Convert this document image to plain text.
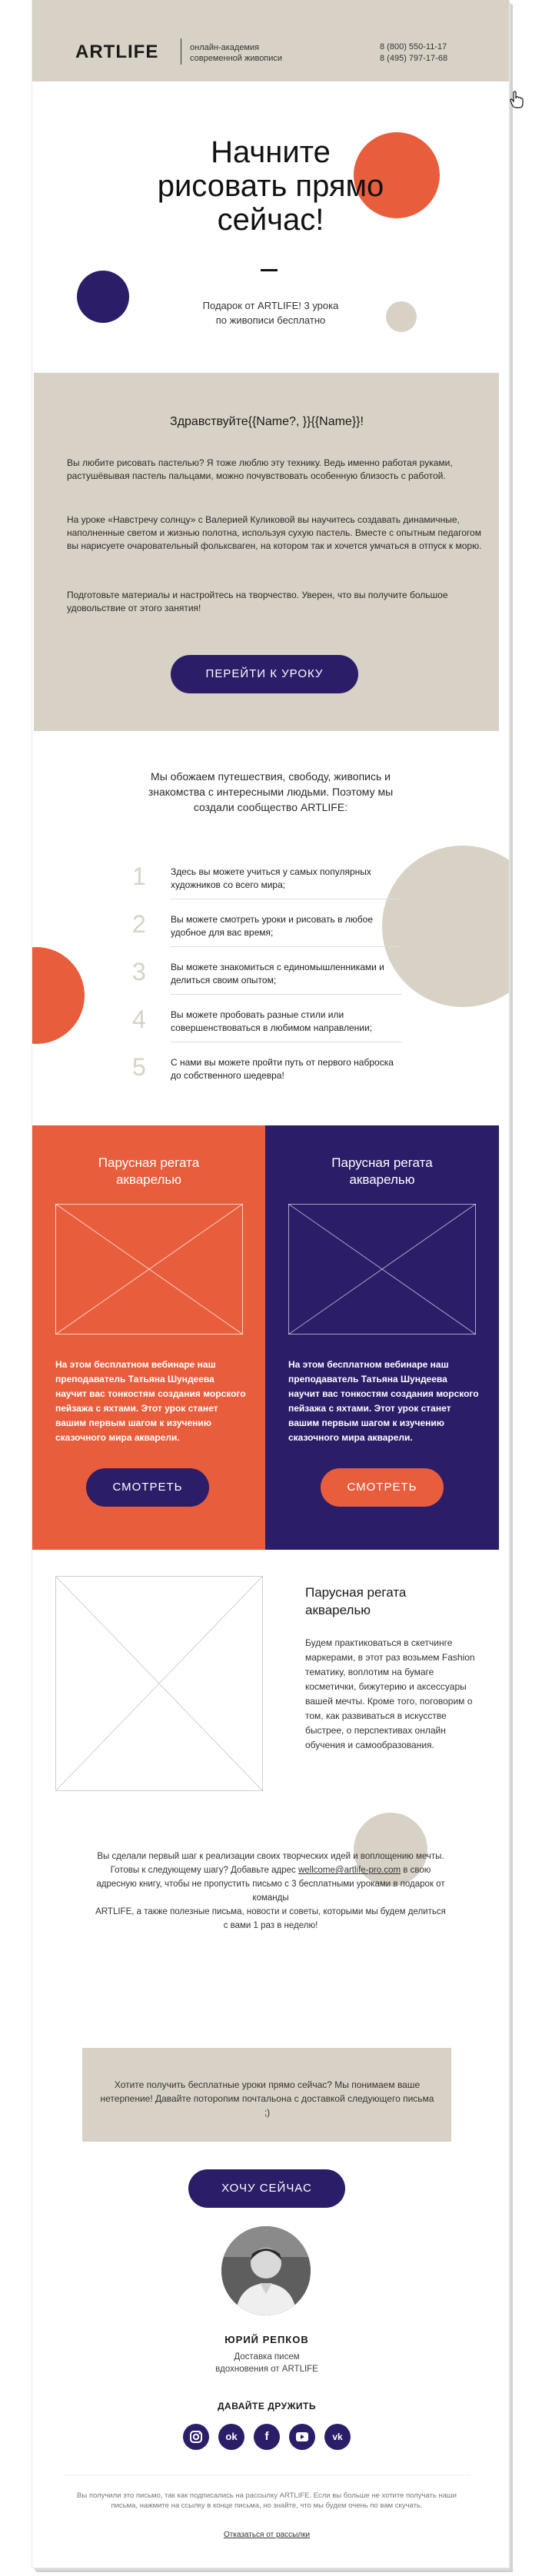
ARTLIFE	онлайн-академия
современной живописи
8 (800) 550-11-17
8 (495) 797-17-68
Начните рисовать прямо сейчас!
Подарок от ARTLIFE! 3 урока
по живописи бесплатно
Здравствуйте{{Name?, }}{{Name}}!
Вы любите рисовать пастелью? Я тоже люблю эту технику. Ведь именно работая руками, растушёвывая пастель пальцами, можно почувствовать особенную близость с работой.
На уроке «Навстречу солнцу» с Валерией Куликовой вы научитесь создавать динамичные, наполненные светом и жизнью полотна, используя сухую пастель. Вместе с опытным педагогом вы нарисуете очаровательный фольксваген, на котором так и хочется умчаться в отпуск к морю.
Подготовьте материалы и настройтесь на творчество. Уверен, что вы получите большое удовольствие от этого занятия!
ПЕРЕЙТИ К УРОКУ
Мы обожаем путешествия, свободу, живопись и знакомства с интересными людьми. Поэтому мы создали сообщество ARTLIFE:
1	Здесь вы можете учиться у самых популярных художников со всего мира;
2	Вы можете смотреть уроки и рисовать в любое удобное для вас время;
3	Вы можете знакомиться с единомышленниками и делиться своим опытом;
4	Вы можете пробовать разные стили или совершенствоваться в любимом направлении;
5	С нами вы можете пройти путь от первого наброска до собственного шедевра!
Парусная регата акварелью
На этом бесплатном вебинаре наш преподаватель Татьяна Шундеева научит вас тонкостям создания морского пейзажа с яхтами. Этот урок станет вашим первым шагом к изучению сказочного мира акварели.
СМОТРЕТЬ
Парусная регата акварелью
На этом бесплатном вебинаре наш преподаватель Татьяна Шундеева научит вас тонкостям создания морского пейзажа с яхтами. Этот урок станет вашим первым шагом к изучению сказочного мира акварели.
СМОТРЕТЬ
Парусная регата акварелью
Будем практиковаться в скетчинге маркерами, в этот раз возьмем Fashion тематику, воплотим на бумаге косметички, бижутерию и аксессуары вашей мечты. Кроме того, поговорим о том, как развиваться в искусстве быстрее, о перспективах онлайн обучения и самообразования.
Вы сделали первый шаг к реализации своих творческих идей и воплощению мечты. Готовы к следующему шагу? Добавьте адрес wellcome@artlife-pro.com в свою адресную книгу, чтобы не пропустить письмо с 3 бесплатными уроками в подарок от команды
ARTLIFE, а также полезные письма, новости и советы, которыми мы будем делиться с вами 1 раз в неделю!
Хотите получить бесплатные уроки прямо сейчас? Мы понимаем ваше нетерпение! Давайте поторопим почтальона с доставкой следующего письма ;)
ХОЧУ СЕЙЧАС
ЮРИЙ РЕПКОВ
Доставка писем вдохновения от ARTLIFE
ДАВАЙТЕ ДРУЖИТЬ
ok	f	vk
Вы получили это письмо, так как подписались на рассылку ARTLIFE. Если вы больше не хотите получать наши письма, нажмите на ссылку в конце письма, но знайте, что мы будем очень по вам скучать.
Отказаться от рассылки
